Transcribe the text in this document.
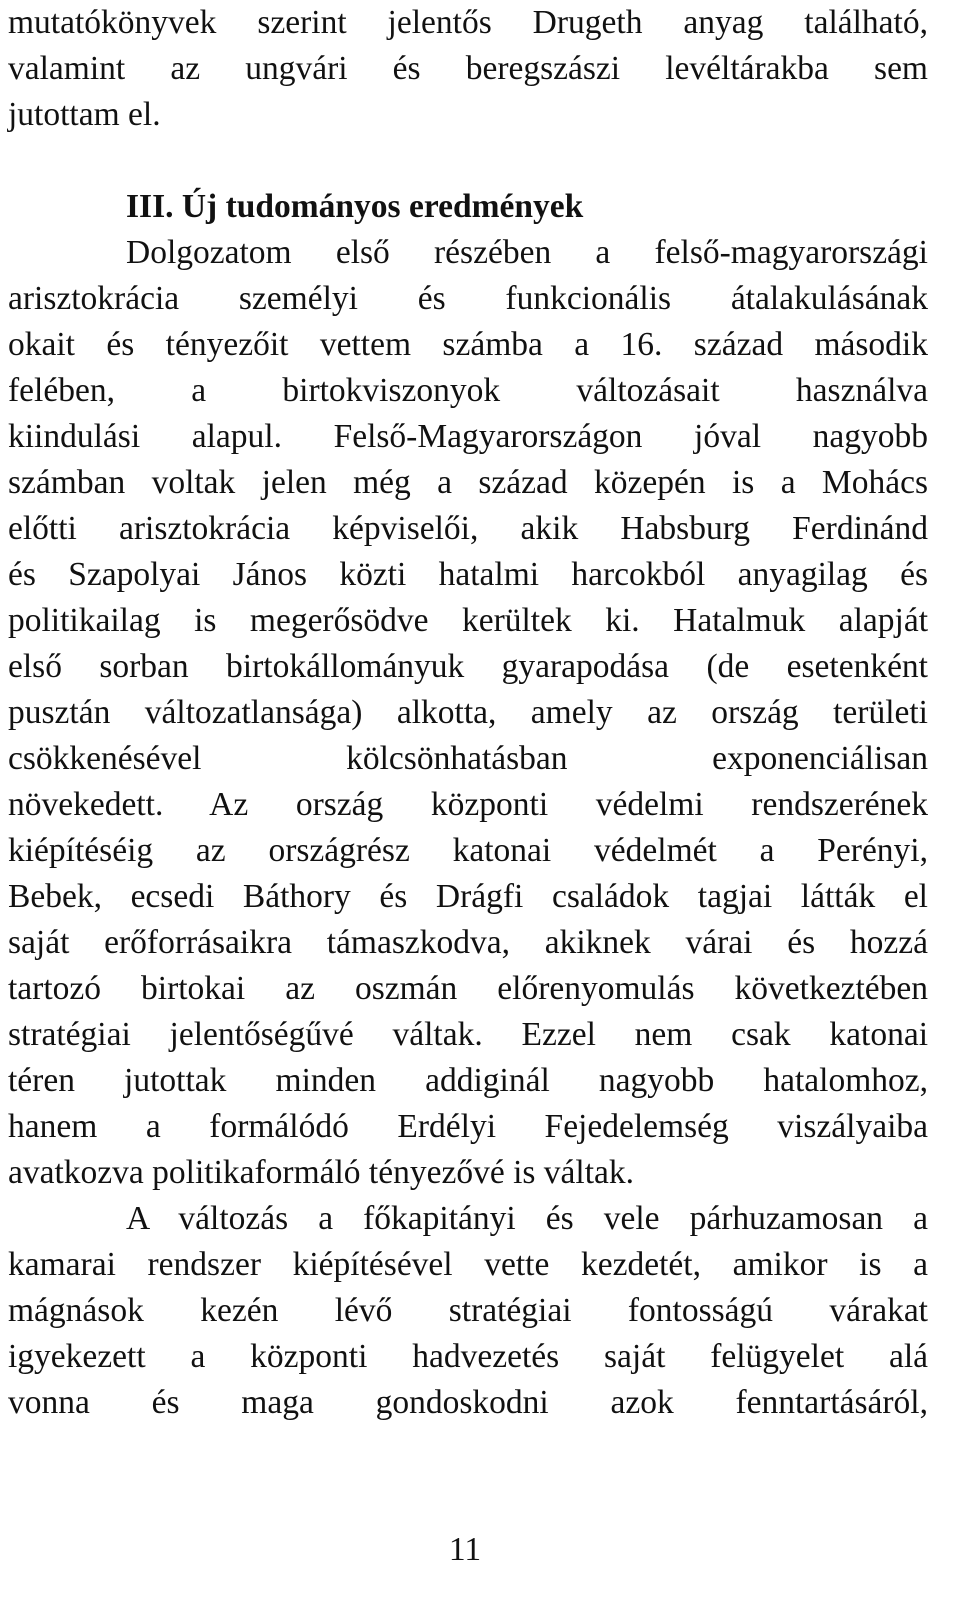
mutatókönyvek szerint jelentős Drugeth anyag található,
valamint az ungvári és beregszászi levéltárakba sem
jutottam el.
III. Új tudományos eredmények
Dolgozatom első részében a felső-magyarországi
arisztokrácia személyi és funkcionális átalakulásának
okait és tényezőit vettem számba a 16. század második
felében, a birtokviszonyok változásait használva
kiindulási alapul. Felső-Magyarországon jóval nagyobb
számban voltak jelen még a század közepén is a Mohács
előtti arisztokrácia képviselői, akik Habsburg Ferdinánd
és Szapolyai János közti hatalmi harcokból anyagilag és
politikailag is megerősödve kerültek ki. Hatalmuk alapját
első sorban birtokállományuk gyarapodása (de esetenként
pusztán változatlansága) alkotta, amely az ország területi
csökkenésével kölcsönhatásban exponenciálisan
növekedett. Az ország központi védelmi rendszerének
kiépítéséig az országrész katonai védelmét a Perényi,
Bebek, ecsedi Báthory és Drágfi családok tagjai látták el
saját erőforrásaikra támaszkodva, akiknek várai és hozzá
tartozó birtokai az oszmán előrenyomulás következtében
stratégiai jelentőségűvé váltak. Ezzel nem csak katonai
téren jutottak minden addiginál nagyobb hatalomhoz,
hanem a formálódó Erdélyi Fejedelemség viszályaiba
avatkozva politikaformáló tényezővé is váltak.
A változás a főkapitányi és vele párhuzamosan a
kamarai rendszer kiépítésével vette kezdetét, amikor is a
mágnások kezén lévő stratégiai fontosságú várakat
igyekezett a központi hadvezetés saját felügyelet alá
vonna és maga gondoskodni azok fenntartásáról,
11
